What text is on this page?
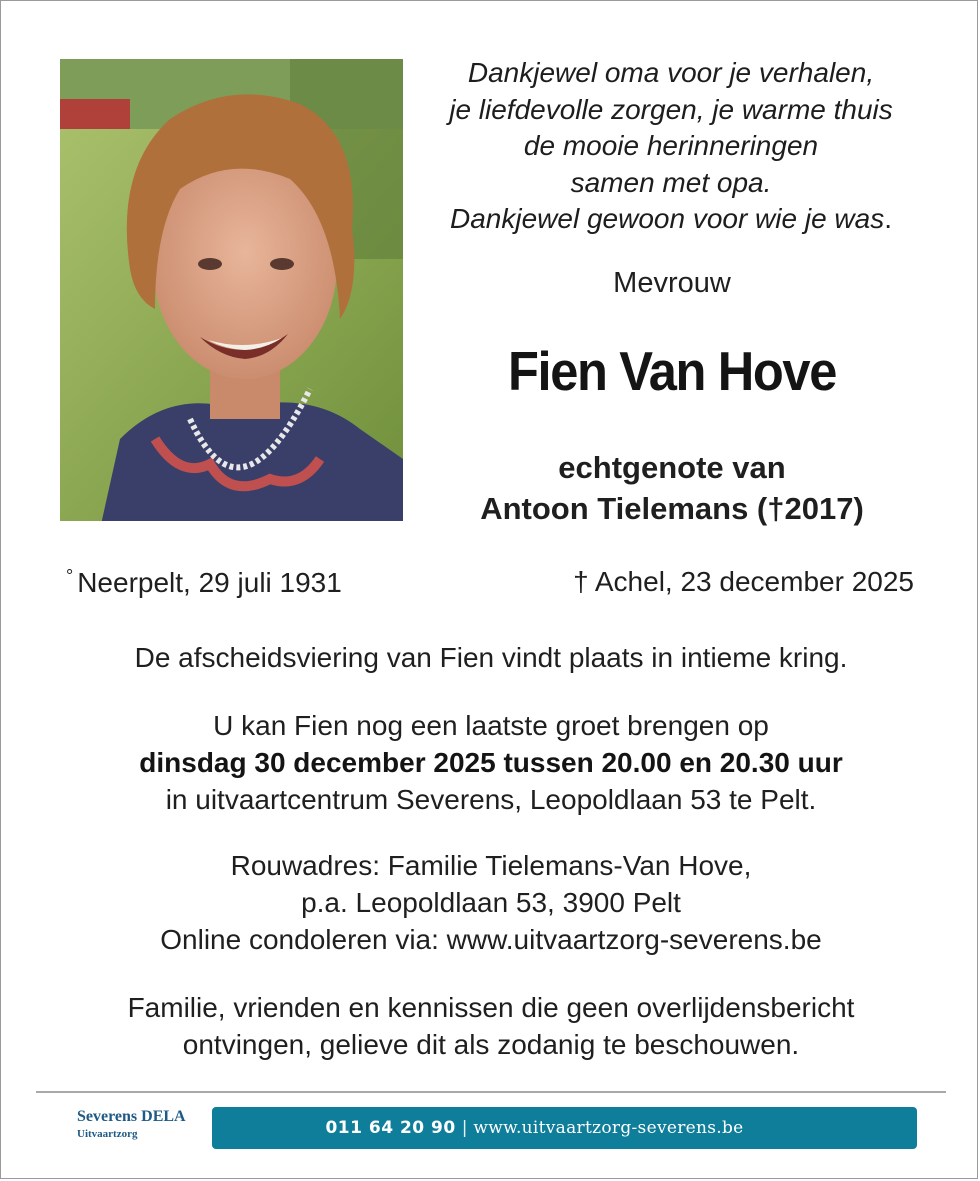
Dankjewel oma voor je verhalen,
je liefdevolle zorgen, je warme thuis
de mooie herinneringen
samen met opa.
Dankjewel gewoon voor wie je was.
Mevrouw
Fien Van Hove
echtgenote van
Antoon Tielemans (†2017)
° Neerpelt, 29 juli 1931	† Achel, 23 december 2025
De afscheidsviering van Fien vindt plaats in intieme kring.
U kan Fien nog een laatste groet brengen op
dinsdag 30 december 2025 tussen 20.00 en 20.30 uur
in uitvaartcentrum Severens, Leopoldlaan 53 te Pelt.
Rouwadres: Familie Tielemans-Van Hove,
p.a. Leopoldlaan 53, 3900 Pelt
Online condoleren via: www.uitvaartzorg-severens.be
Familie, vrienden en kennissen die geen overlijdensbericht
ontvingen, gelieve dit als zodanig te beschouwen.
Severens DELA
Uitvaartzorg	011 64 20 90 | www.uitvaartzorg-severens.be
